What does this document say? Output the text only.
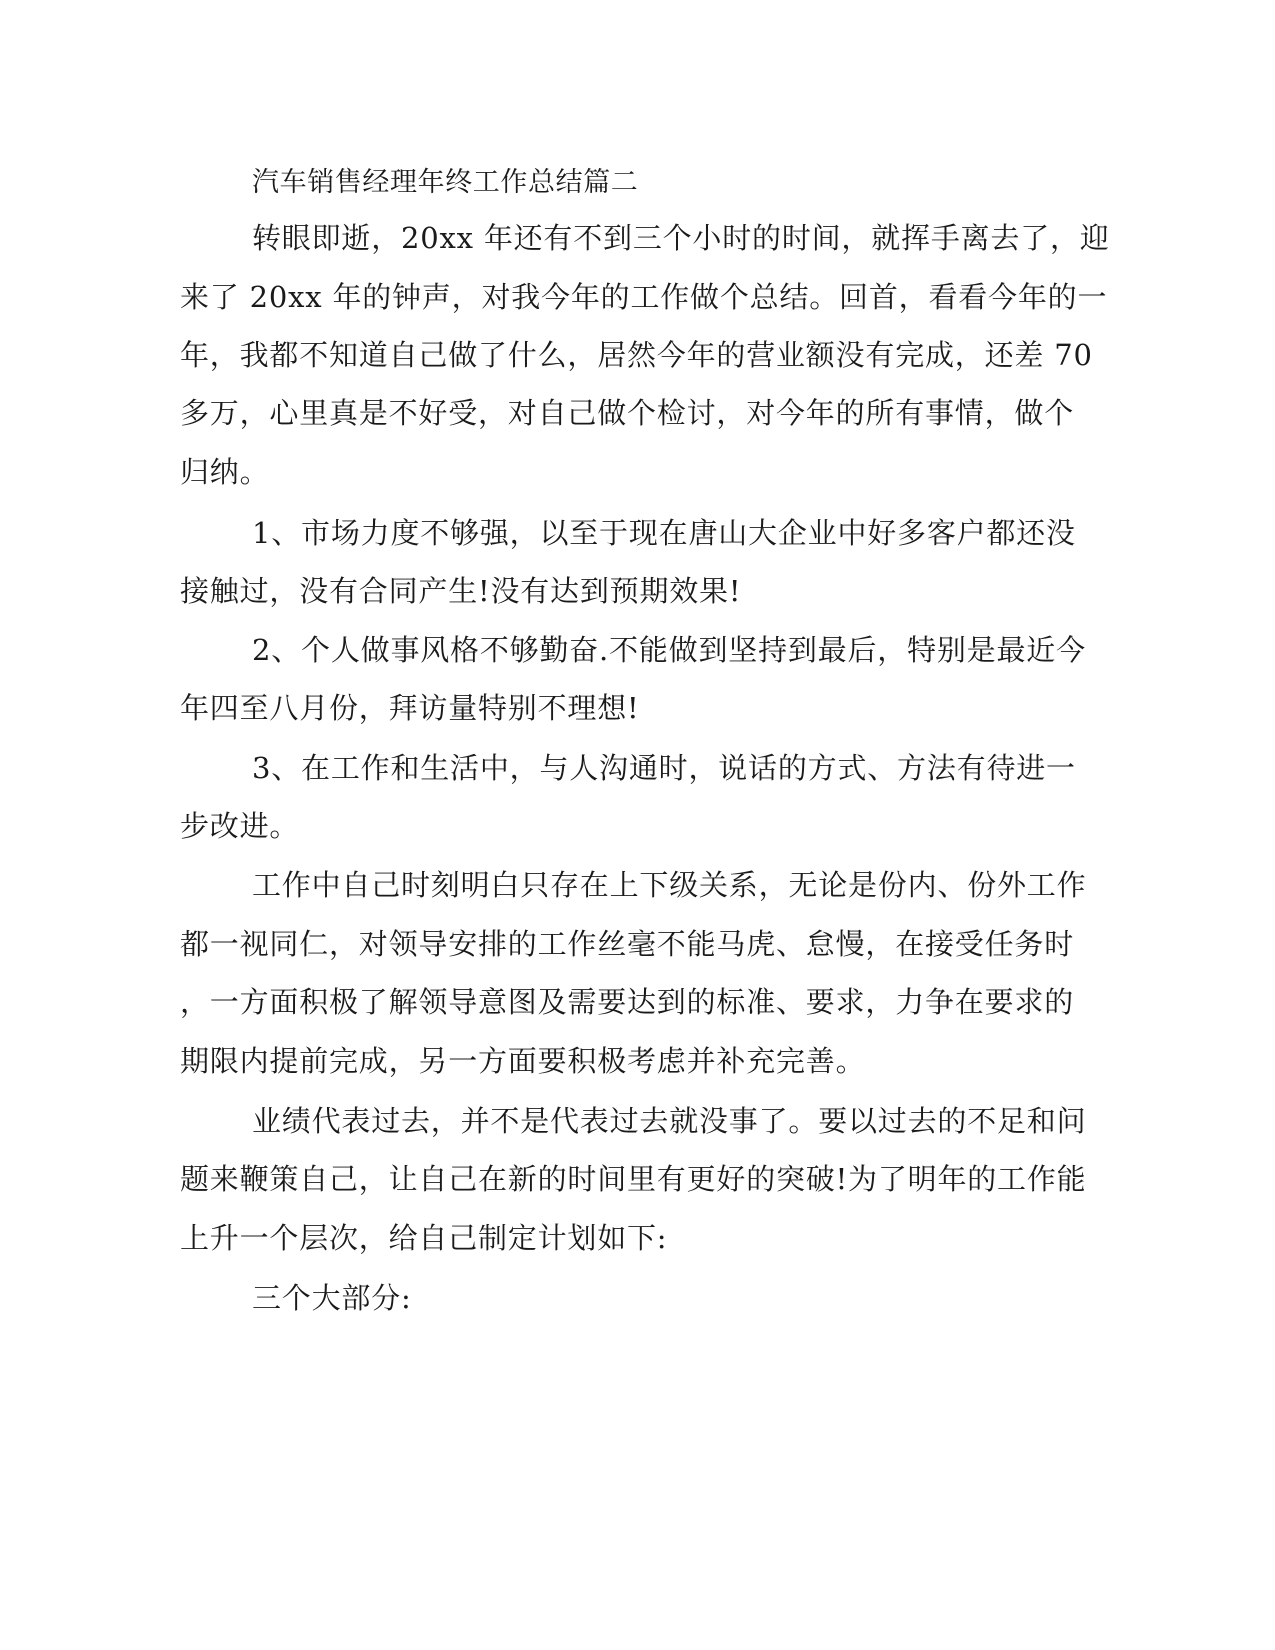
汽车销售经理年终工作总结篇二
转眼即逝，20xx 年还有不到三个小时的时间，就挥手离去了，迎
来了 20xx 年的钟声，对我今年的工作做个总结。回首，看看今年的一
年，我都不知道自己做了什么，居然今年的营业额没有完成，还差 70
多万，心里真是不好受，对自己做个检讨，对今年的所有事情，做个
归纳。
1、市场力度不够强，以至于现在唐山大企业中好多客户都还没
接触过，没有合同产生!没有达到预期效果!
2、个人做事风格不够勤奋.不能做到坚持到最后，特别是最近今
年四至八月份，拜访量特别不理想!
3、在工作和生活中，与人沟通时，说话的方式、方法有待进一
步改进。
工作中自己时刻明白只存在上下级关系，无论是份内、份外工作
都一视同仁，对领导安排的工作丝毫不能马虎、怠慢，在接受任务时
，一方面积极了解领导意图及需要达到的标准、要求，力争在要求的
期限内提前完成，另一方面要积极考虑并补充完善。
业绩代表过去，并不是代表过去就没事了。要以过去的不足和问
题来鞭策自己，让自己在新的时间里有更好的突破!为了明年的工作能
上升一个层次，给自己制定计划如下:
三个大部分:
